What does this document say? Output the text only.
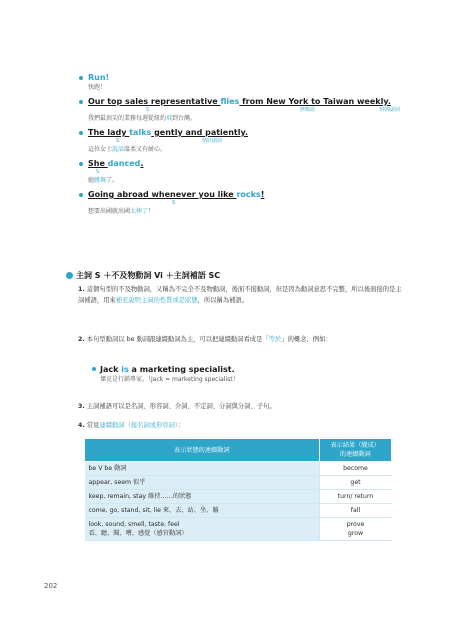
Run!
快跑！
Our top sales representative flies from New York to Taiwan weekly.
S	修飾語	時間副詞
我們最頂尖的業務每週從紐約飛到台灣。
The lady talks gently and patiently.
S	情狀副詞
這位女士說話溫柔又有耐心。
She danced.
S
她跳舞了。
Going abroad whenever you like rocks!
S
想要出國就出國太棒了！
主詞 S ＋不及物動詞 Vi ＋主詞補語 SC
1. 這個句型的不及物動詞，又稱為不完全不及物動詞，後面不接動詞，但是因為動詞意思不完整，所以後面接的是主詞補語，用來補充說明主詞的性質或是狀態，所以稱為補語。
2. 本句型動詞以 be 動詞跟連綴動詞為主，可以把連綴動詞看成是「等於」的概念，例如：
Jack is a marketing specialist.
傑克是行銷專家。（Jack = marketing specialist）
3. 主詞補語可以是名詞、形容詞、介詞、不定詞、分詞與分詞、子句。
4. 常見連綴動詞（接名詞或形容詞）：
表示狀態的連綴動詞	表示結果（變成）
的連綴動詞
be V be 動詞	become
appear, seem 似乎	get
keep, remain, stay 維持……的狀態	turn/ return
come, go, stand, sit, lie 來、去、站、坐、躺	fall
look, sound, smell, taste, feel
看、聽、聞、嚐、感覺（感官動詞）	prove
grow
202
